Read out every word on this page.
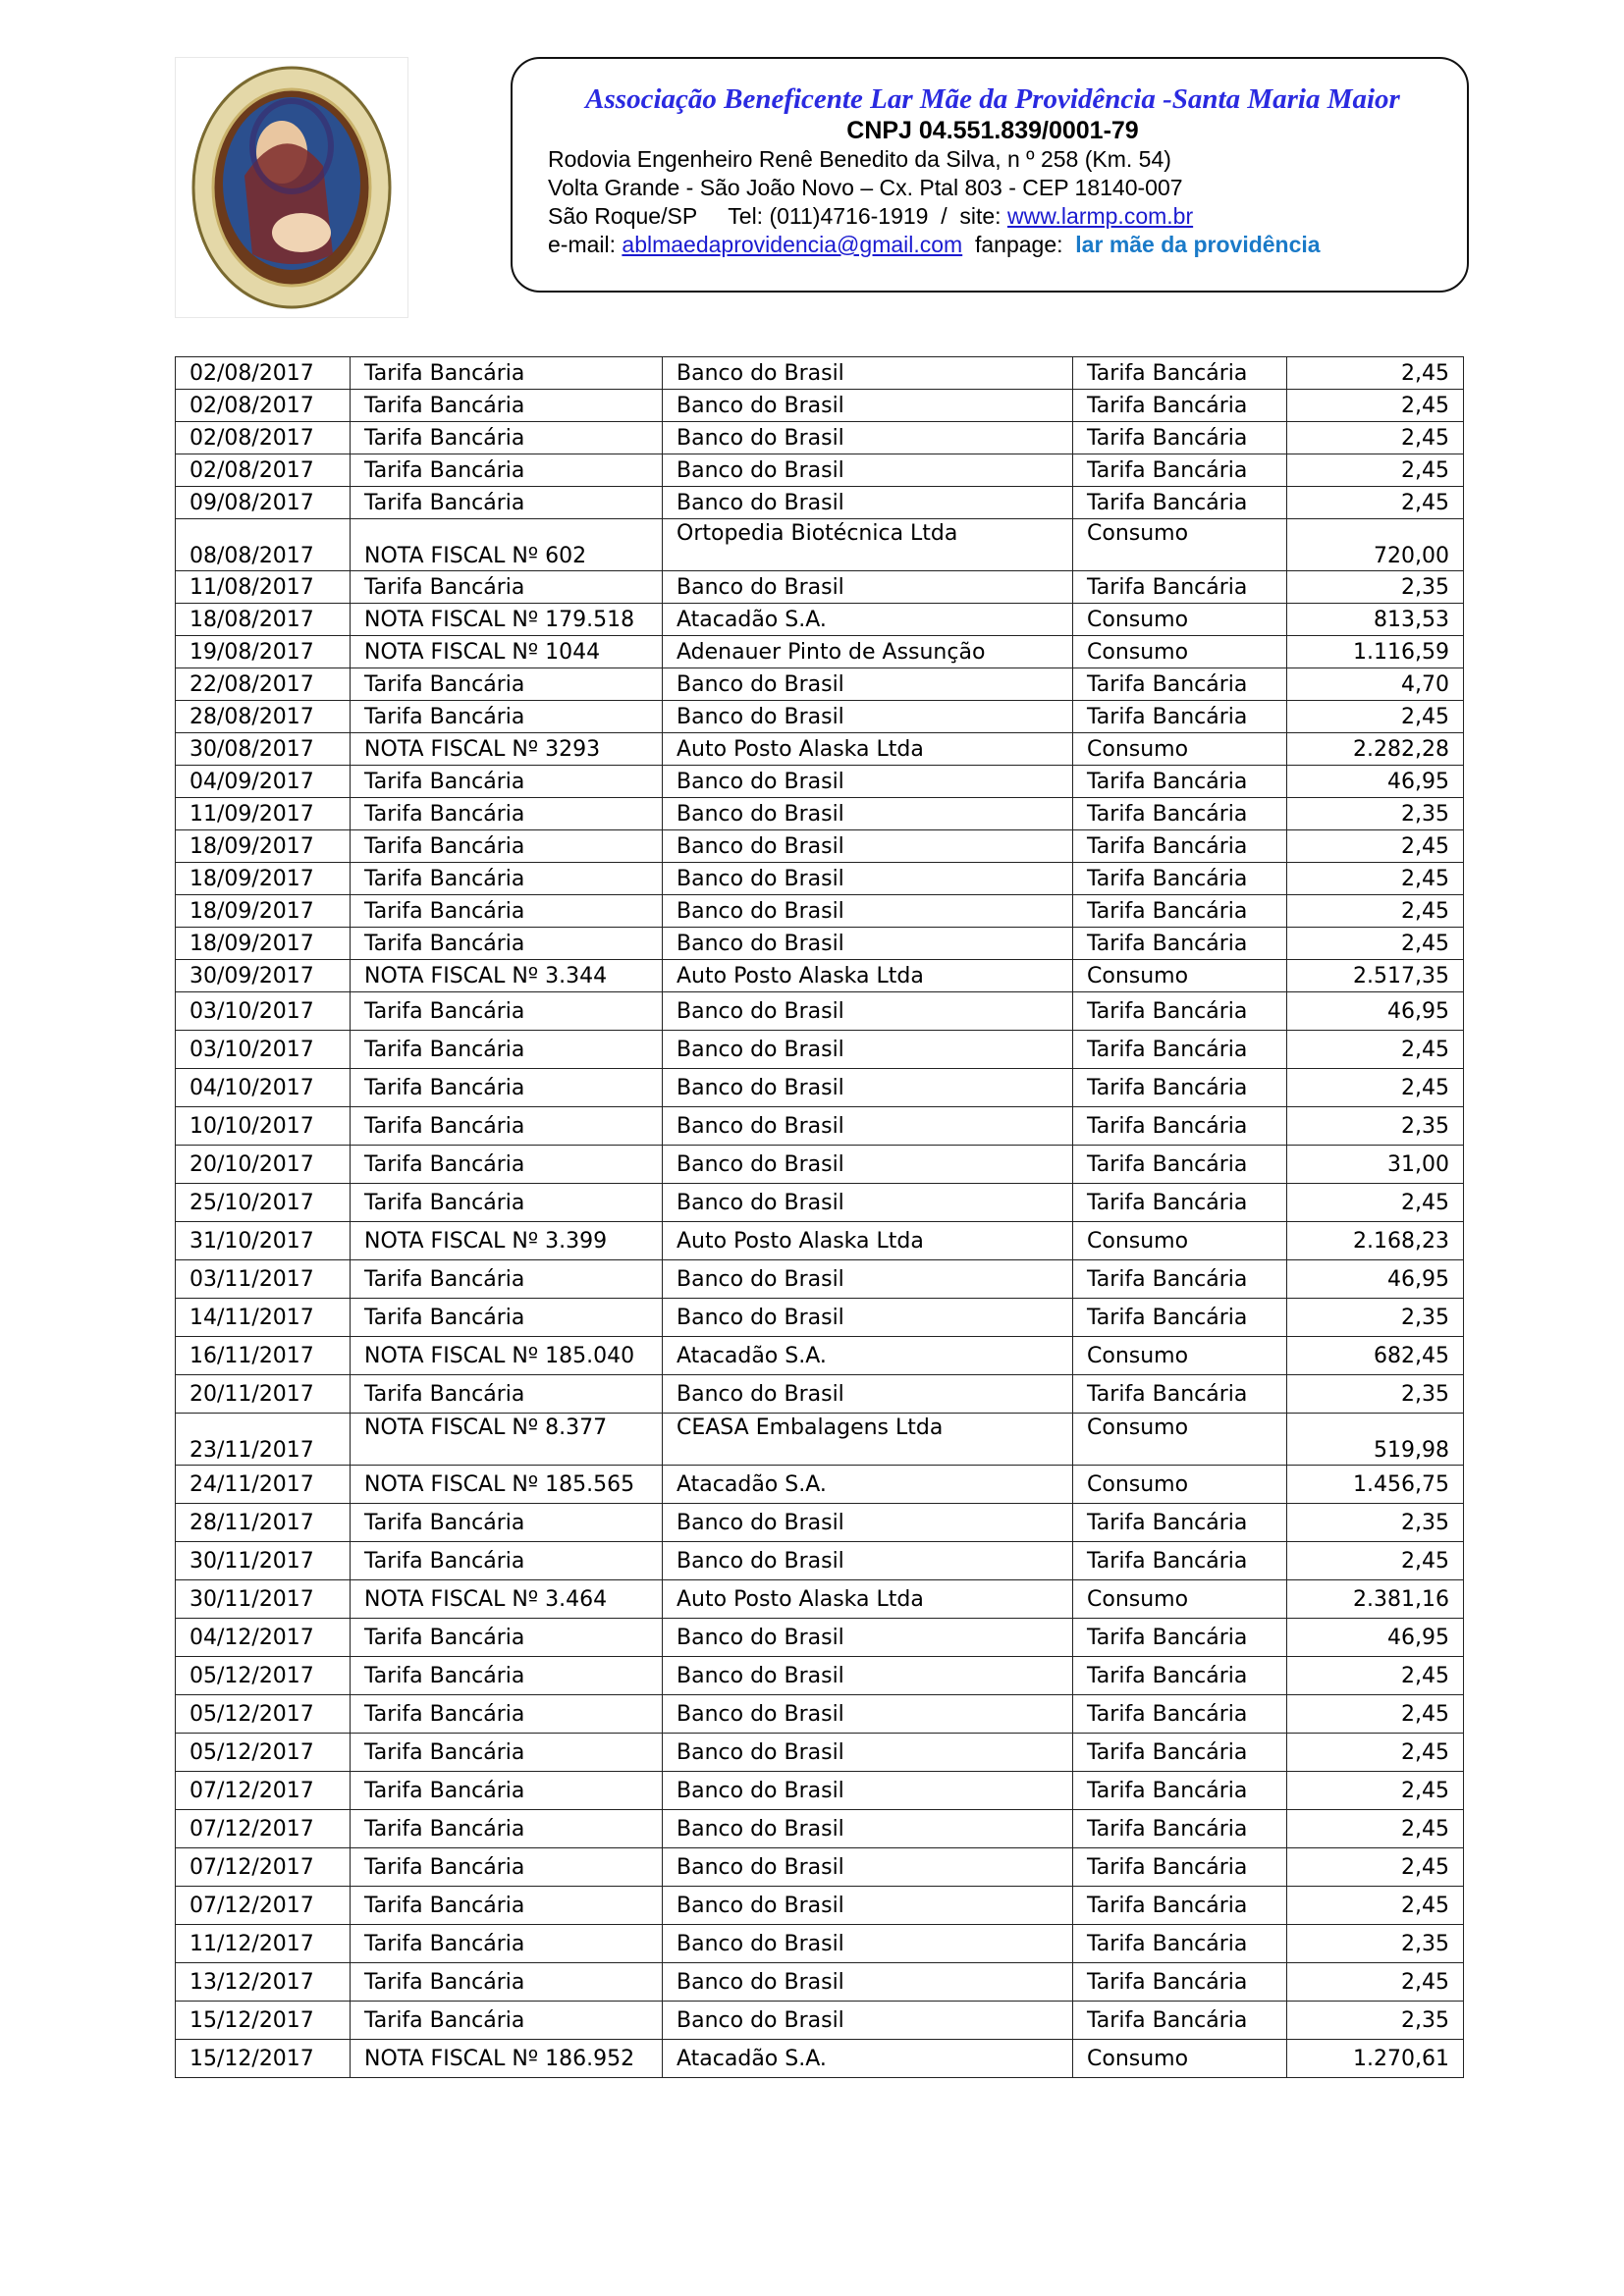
Associação Beneficente Lar Mãe da Providência -Santa Maria Maior

CNPJ 04.551.839/0001-79

Rodovia Engenheiro Renê Benedito da Silva, n º 258 (Km. 54)

Volta Grande - São João Novo – Cx. Ptal 803 - CEP 18140-007

São Roque/SP     Tel: (011)4716-1919  /  site: www.larmp.com.br

e-mail: ablmaedaprovidencia@gmail.com  fanpage:  lar mãe da providência

02/08/2017	Tarifa Bancária	Banco do Brasil	Tarifa Bancária	2,45
02/08/2017	Tarifa Bancária	Banco do Brasil	Tarifa Bancária	2,45
02/08/2017	Tarifa Bancária	Banco do Brasil	Tarifa Bancária	2,45
02/08/2017	Tarifa Bancária	Banco do Brasil	Tarifa Bancária	2,45
09/08/2017	Tarifa Bancária	Banco do Brasil	Tarifa Bancária	2,45
08/08/2017	NOTA FISCAL Nº 602	Ortopedia Biotécnica Ltda	Consumo	720,00
11/08/2017	Tarifa Bancária	Banco do Brasil	Tarifa Bancária	2,35
18/08/2017	NOTA FISCAL Nº 179.518	Atacadão S.A.	Consumo	813,53
19/08/2017	NOTA FISCAL Nº 1044	Adenauer Pinto de Assunção	Consumo	1.116,59
22/08/2017	Tarifa Bancária	Banco do Brasil	Tarifa Bancária	4,70
28/08/2017	Tarifa Bancária	Banco do Brasil	Tarifa Bancária	2,45
30/08/2017	NOTA FISCAL Nº 3293	Auto Posto Alaska Ltda	Consumo	2.282,28
04/09/2017	Tarifa Bancária	Banco do Brasil	Tarifa Bancária	46,95
11/09/2017	Tarifa Bancária	Banco do Brasil	Tarifa Bancária	2,35
18/09/2017	Tarifa Bancária	Banco do Brasil	Tarifa Bancária	2,45
18/09/2017	Tarifa Bancária	Banco do Brasil	Tarifa Bancária	2,45
18/09/2017	Tarifa Bancária	Banco do Brasil	Tarifa Bancária	2,45
18/09/2017	Tarifa Bancária	Banco do Brasil	Tarifa Bancária	2,45
30/09/2017	NOTA FISCAL Nº 3.344	Auto Posto Alaska Ltda	Consumo	2.517,35
03/10/2017	Tarifa Bancária	Banco do Brasil	Tarifa Bancária	46,95
03/10/2017	Tarifa Bancária	Banco do Brasil	Tarifa Bancária	2,45
04/10/2017	Tarifa Bancária	Banco do Brasil	Tarifa Bancária	2,45
10/10/2017	Tarifa Bancária	Banco do Brasil	Tarifa Bancária	2,35
20/10/2017	Tarifa Bancária	Banco do Brasil	Tarifa Bancária	31,00
25/10/2017	Tarifa Bancária	Banco do Brasil	Tarifa Bancária	2,45
31/10/2017	NOTA FISCAL Nº 3.399	Auto Posto Alaska Ltda	Consumo	2.168,23
03/11/2017	Tarifa Bancária	Banco do Brasil	Tarifa Bancária	46,95
14/11/2017	Tarifa Bancária	Banco do Brasil	Tarifa Bancária	2,35
16/11/2017	NOTA FISCAL Nº 185.040	Atacadão S.A.	Consumo	682,45
20/11/2017	Tarifa Bancária	Banco do Brasil	Tarifa Bancária	2,35
23/11/2017	NOTA FISCAL Nº 8.377	CEASA Embalagens Ltda	Consumo	519,98
24/11/2017	NOTA FISCAL Nº 185.565	Atacadão S.A.	Consumo	1.456,75
28/11/2017	Tarifa Bancária	Banco do Brasil	Tarifa Bancária	2,35
30/11/2017	Tarifa Bancária	Banco do Brasil	Tarifa Bancária	2,45
30/11/2017	NOTA FISCAL Nº 3.464	Auto Posto Alaska Ltda	Consumo	2.381,16
04/12/2017	Tarifa Bancária	Banco do Brasil	Tarifa Bancária	46,95
05/12/2017	Tarifa Bancária	Banco do Brasil	Tarifa Bancária	2,45
05/12/2017	Tarifa Bancária	Banco do Brasil	Tarifa Bancária	2,45
05/12/2017	Tarifa Bancária	Banco do Brasil	Tarifa Bancária	2,45
07/12/2017	Tarifa Bancária	Banco do Brasil	Tarifa Bancária	2,45
07/12/2017	Tarifa Bancária	Banco do Brasil	Tarifa Bancária	2,45
07/12/2017	Tarifa Bancária	Banco do Brasil	Tarifa Bancária	2,45
07/12/2017	Tarifa Bancária	Banco do Brasil	Tarifa Bancária	2,45
11/12/2017	Tarifa Bancária	Banco do Brasil	Tarifa Bancária	2,35
13/12/2017	Tarifa Bancária	Banco do Brasil	Tarifa Bancária	2,45
15/12/2017	Tarifa Bancária	Banco do Brasil	Tarifa Bancária	2,35
15/12/2017	NOTA FISCAL Nº 186.952	Atacadão S.A.	Consumo	1.270,61
